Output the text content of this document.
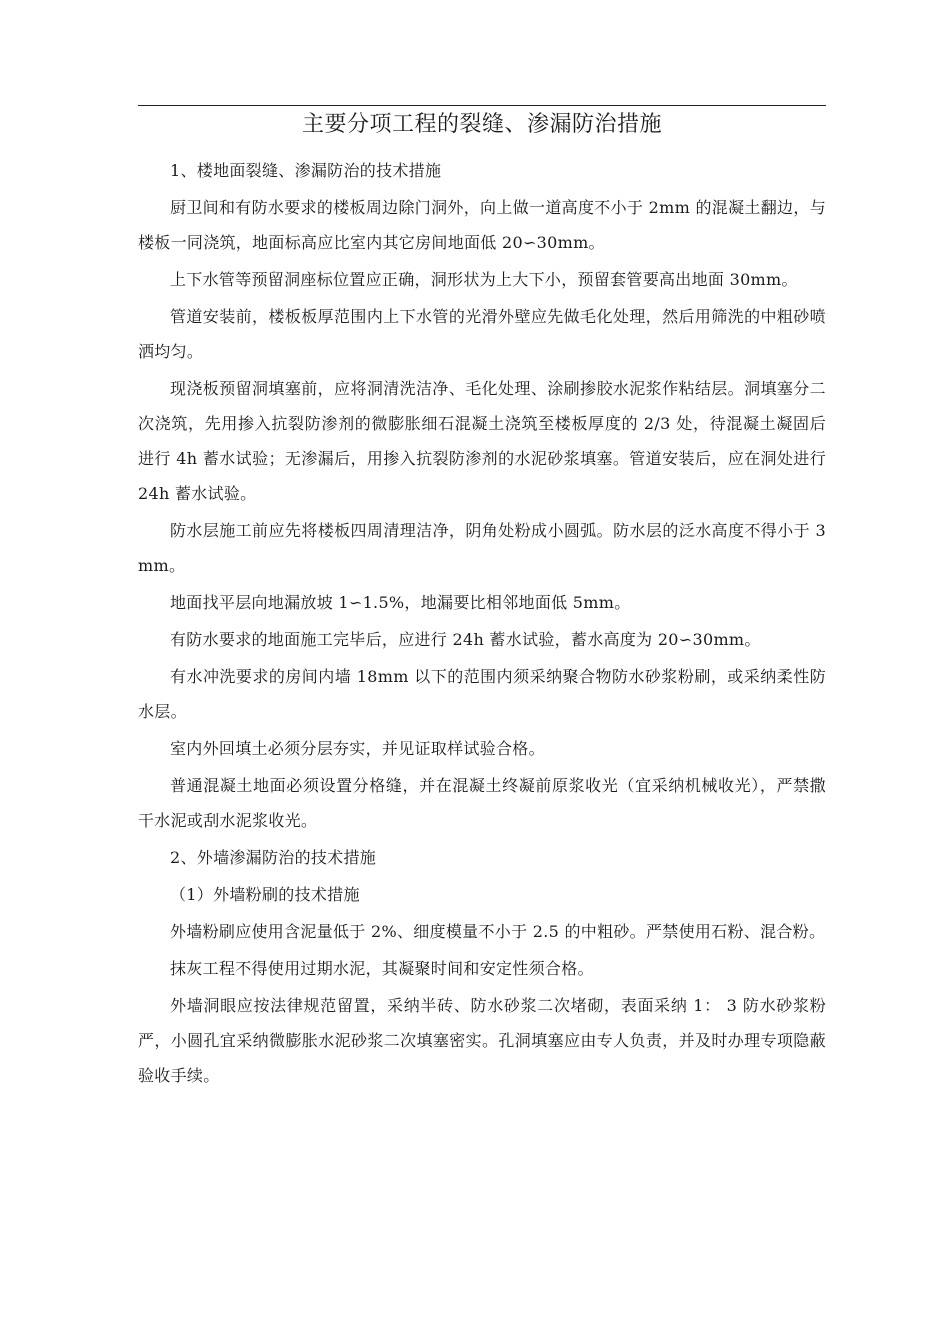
主要分项工程的裂缝、渗漏防治措施

1、楼地面裂缝、渗漏防治的技术措施

厨卫间和有防水要求的楼板周边除门洞外，向上做一道高度不小于 2mm 的混凝土翻边，与楼板一同浇筑，地面标高应比室内其它房间地面低 20∽30mm。

上下水管等预留洞座标位置应正确，洞形状为上大下小，预留套管要高出地面 30mm。

管道安装前，楼板板厚范围内上下水管的光滑外壁应先做毛化处理，然后用筛洗的中粗砂喷洒均匀。

现浇板预留洞填塞前，应将洞清洗洁净、毛化处理、涂刷掺胶水泥浆作粘结层。洞填塞分二次浇筑，先用掺入抗裂防渗剂的微膨胀细石混凝土浇筑至楼板厚度的 2/3 处，待混凝土凝固后进行 4h 蓄水试验；无渗漏后，用掺入抗裂防渗剂的水泥砂浆填塞。管道安装后，应在洞处进行 24h 蓄水试验。

防水层施工前应先将楼板四周清理洁净，阴角处粉成小圆弧。防水层的泛水高度不得小于 3mm。

地面找平层向地漏放坡 1∽1.5%，地漏要比相邻地面低 5mm。

有防水要求的地面施工完毕后，应进行 24h 蓄水试验，蓄水高度为 20∽30mm。

有水冲洗要求的房间内墙 18mm 以下的范围内须采纳聚合物防水砂浆粉刷，或采纳柔性防水层。

室内外回填土必须分层夯实，并见证取样试验合格。

普通混凝土地面必须设置分格缝，并在混凝土终凝前原浆收光（宜采纳机械收光），严禁撒干水泥或刮水泥浆收光。

2、外墙渗漏防治的技术措施

（1）外墙粉刷的技术措施

外墙粉刷应使用含泥量低于 2%、细度模量不小于 2.5 的中粗砂。严禁使用石粉、混合粉。

抹灰工程不得使用过期水泥，其凝聚时间和安定性须合格。

外墙洞眼应按法律规范留置，采纳半砖、防水砂浆二次堵砌，表面采纳 1： 3 防水砂浆粉严，小圆孔宜采纳微膨胀水泥砂浆二次填塞密实。孔洞填塞应由专人负责，并及时办理专项隐蔽验收手续。
